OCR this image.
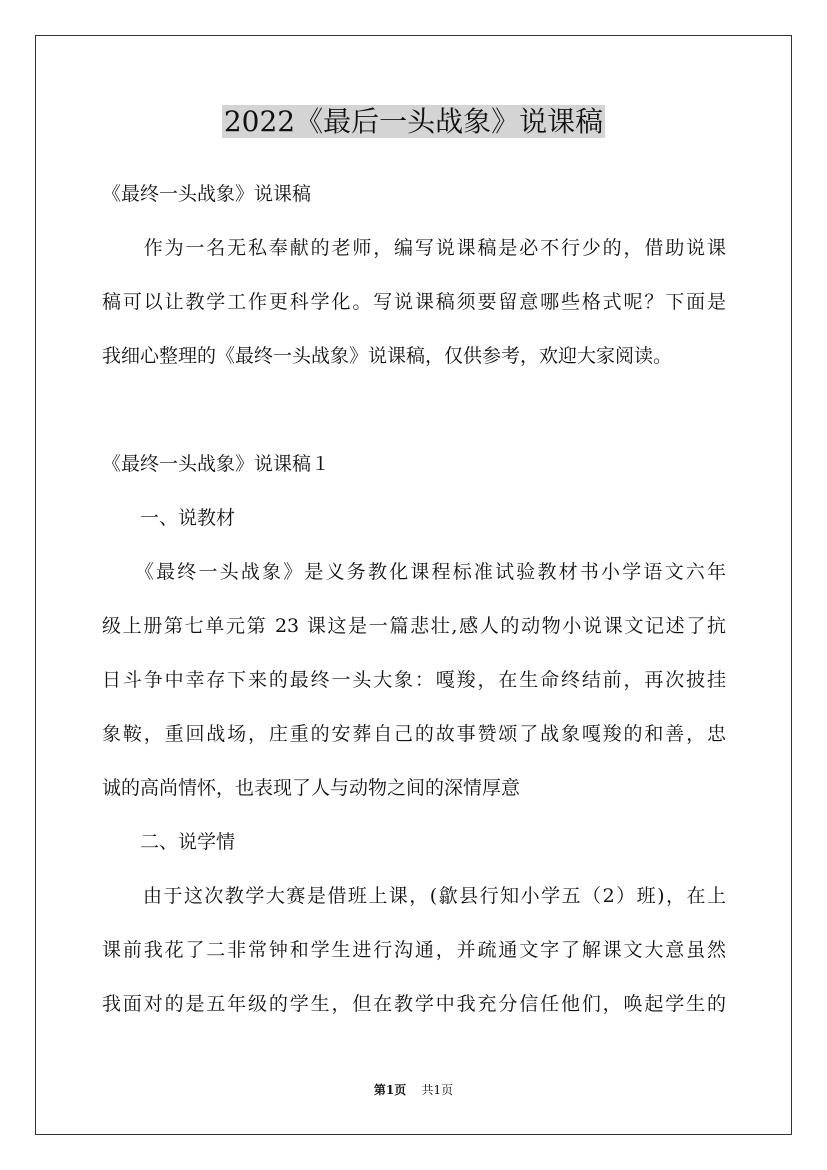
2022《最后一头战象》说课稿
《最终一头战象》说课稿
　　作为一名无私奉献的老师，编写说课稿是必不行少的，借助说课
稿可以让教学工作更科学化。写说课稿须要留意哪些格式呢？下面是
我细心整理的《最终一头战象》说课稿，仅供参考，欢迎大家阅读。
《最终一头战象》说课稿１
　　一、说教材
　　《最终一头战象》是义务教化课程标准试验教材书小学语文六年
级上册第七单元第 23 课这是一篇悲壮,感人的动物小说课文记述了抗
日斗争中幸存下来的最终一头大象：嘎羧，在生命终结前，再次披挂
象鞍，重回战场，庄重的安葬自己的故事赞颂了战象嘎羧的和善，忠
诚的高尚情怀，也表现了人与动物之间的深情厚意
　　二、说学情
　　由于这次教学大赛是借班上课，(歙县行知小学五（2）班)，在上
课前我花了二非常钟和学生进行沟通，并疏通文字了解课文大意虽然
我面对的是五年级的学生，但在教学中我充分信任他们，唤起学生的
第1页 共1页
